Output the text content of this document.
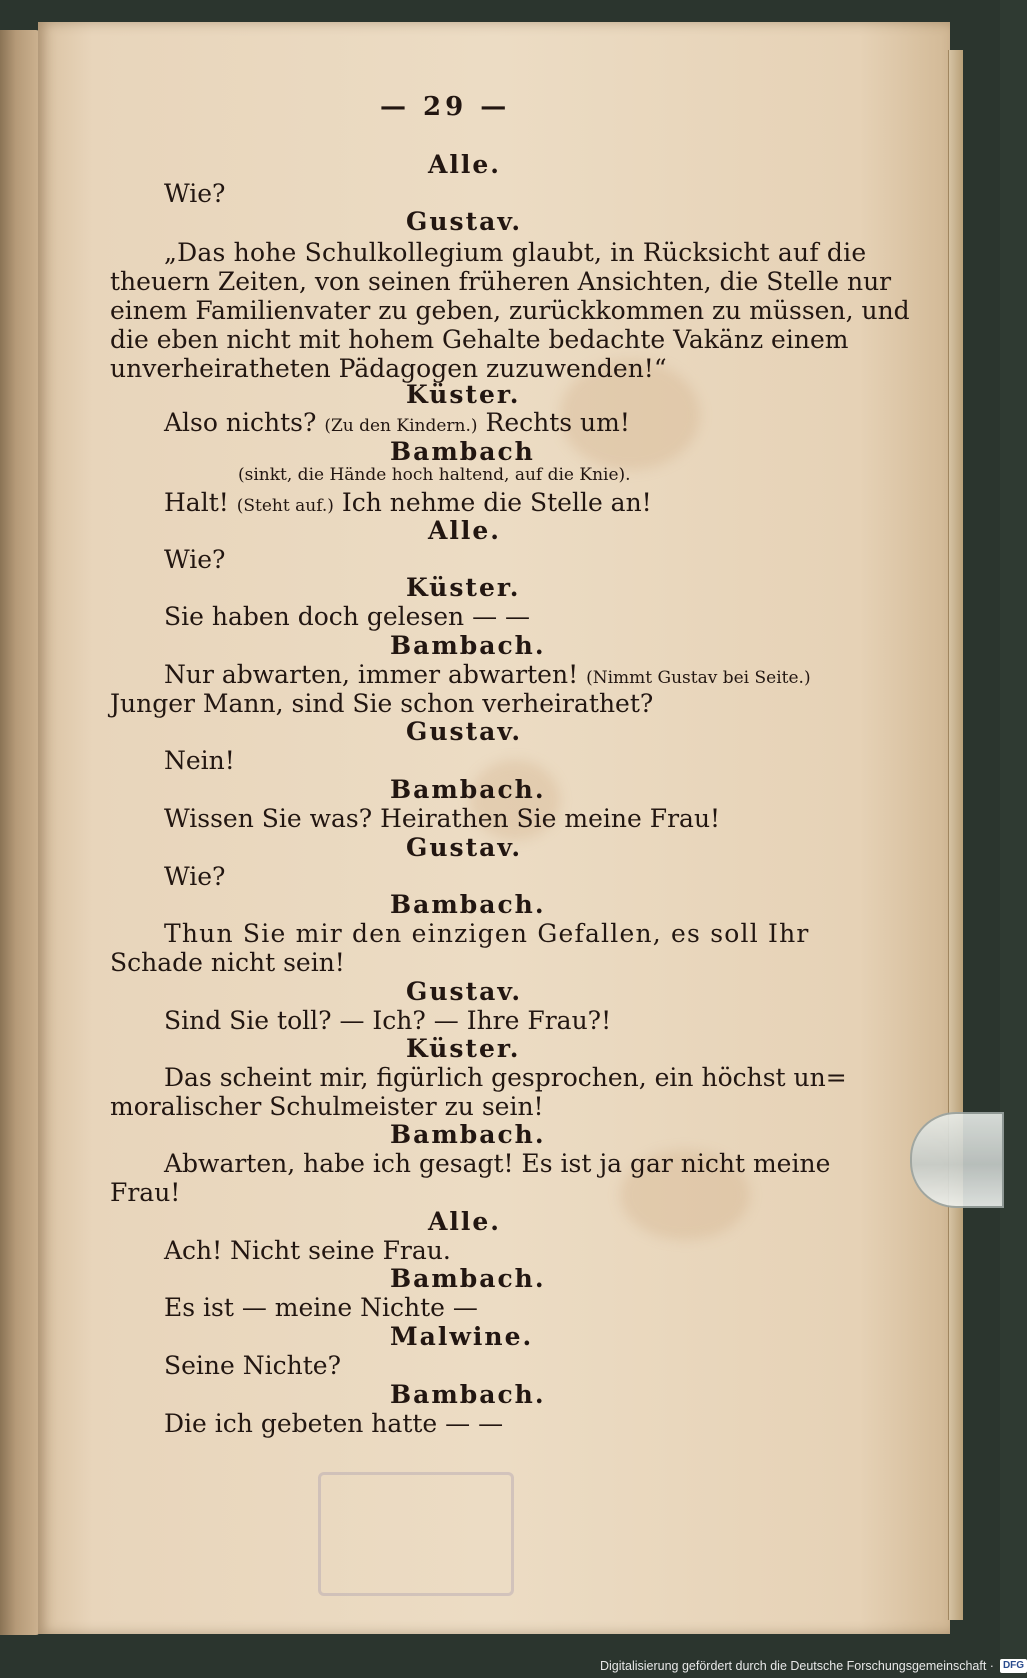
— 29 —
Alle.
Wie?
Gustav.
„Das hohe Schulkollegium glaubt, in Rücksicht auf die
theuern Zeiten, von seinen früheren Ansichten, die Stelle nur
einem Familienvater zu geben, zurückkommen zu müssen, und
die eben nicht mit hohem Gehalte bedachte Vakänz einem
unverheiratheten Pädagogen zuzuwenden!“
Küster.
Also nichts? (Zu den Kindern.) Rechts um!
Bambach
(sinkt, die Hände hoch haltend, auf die Knie).
Halt! (Steht auf.) Ich nehme die Stelle an!
Alle.
Wie?
Küster.
Sie haben doch gelesen — —
Bambach.
Nur abwarten, immer abwarten! (Nimmt Gustav bei Seite.)
Junger Mann, sind Sie schon verheirathet?
Gustav.
Nein!
Bambach.
Wissen Sie was? Heirathen Sie meine Frau!
Gustav.
Wie?
Bambach.
Thun Sie mir den einzigen Gefallen, es soll Ihr
Schade nicht sein!
Gustav.
Sind Sie toll? — Ich? — Ihre Frau?!
Küster.
Das scheint mir, figürlich gesprochen, ein höchst un=
moralischer Schulmeister zu sein!
Bambach.
Abwarten, habe ich gesagt! Es ist ja gar nicht meine
Frau!
Alle.
Ach! Nicht seine Frau.
Bambach.
Es ist — meine Nichte —
Malwine.
Seine Nichte?
Bambach.
Die ich gebeten hatte — —
Digitalisierung gefördert durch die Deutsche Forschungsgemeinschaft · DFG
